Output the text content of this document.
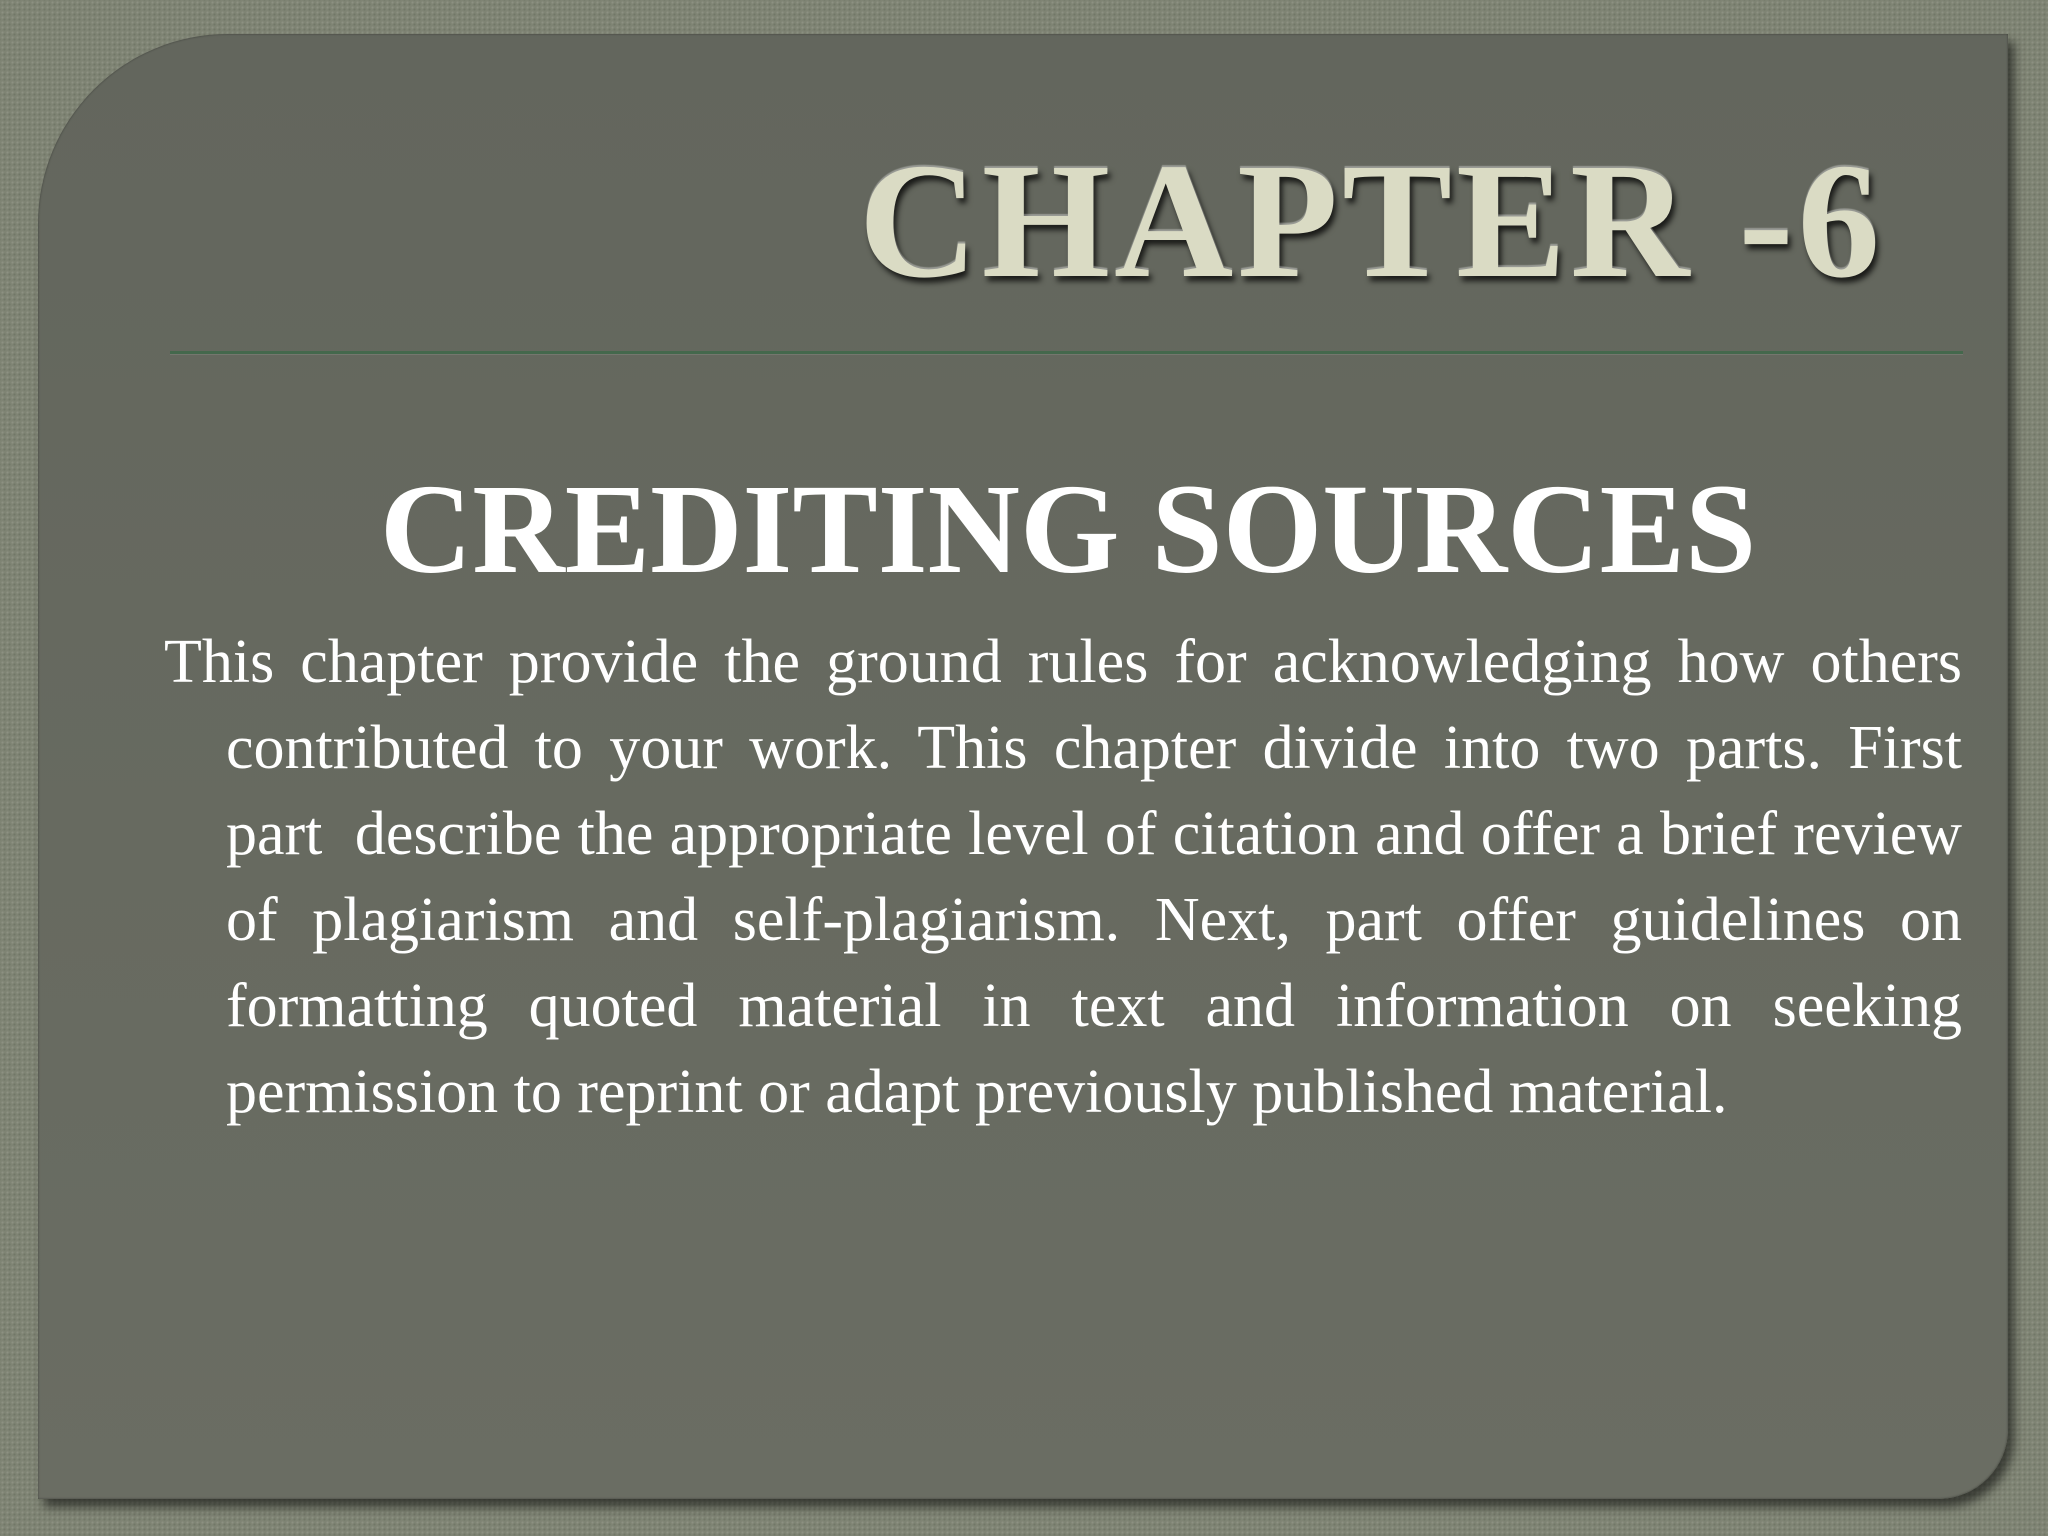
CHAPTER -6
CREDITING SOURCES

This chapter provide the ground rules for acknowledging how others contributed to your work. This chapter divide into two parts. First part  describe the appropriate level of citation and offer a brief review of plagiarism and self-plagiarism. Next, part offer guidelines on formatting quoted material in text and information on seeking permission to reprint or adapt previously published material.
